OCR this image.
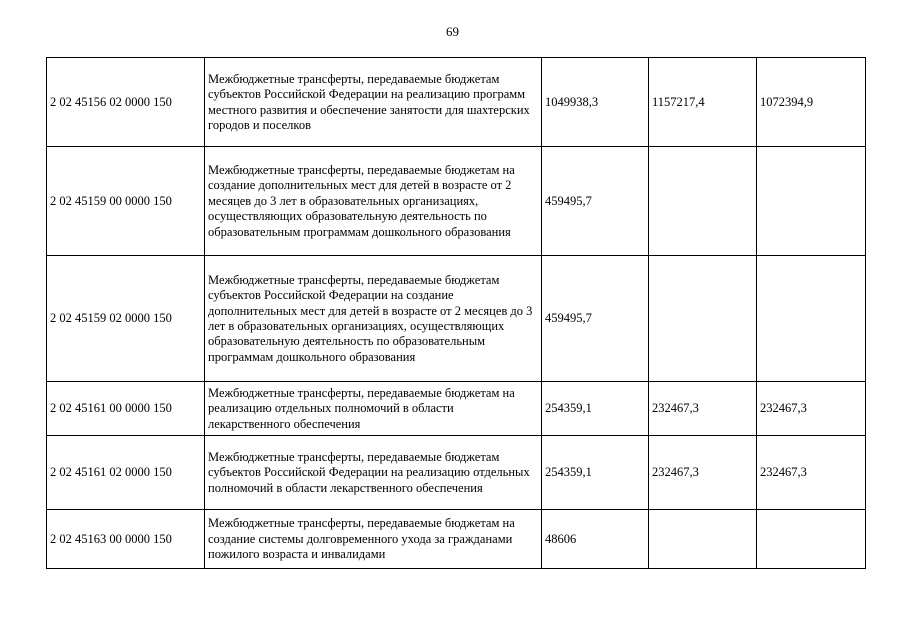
69
2 02 45156 02 0000 150	Межбюджетные трансферты, передаваемые бюджетам субъектов Российской Федерации на реализацию программ местного развития и обеспечение занятости для шахтерских городов и поселков	1049938,3	1157217,4	1072394,9
2 02 45159 00 0000 150	Межбюджетные трансферты, передаваемые бюджетам на создание дополнительных мест для детей в возрасте от 2 месяцев до 3 лет в образовательных организациях, осуществляющих образовательную деятельность по образовательным программам дошкольного образования	459495,7		
2 02 45159 02 0000 150	Межбюджетные трансферты, передаваемые бюджетам субъектов Российской Федерации на создание дополнительных мест для детей в возрасте от 2 месяцев до 3 лет в образовательных организациях, осуществляющих образовательную деятельность по образовательным программам дошкольного образования	459495,7		
2 02 45161 00 0000 150	Межбюджетные трансферты, передаваемые бюджетам на реализацию отдельных полномочий в области лекарственного обеспечения	254359,1	232467,3	232467,3
2 02 45161 02 0000 150	Межбюджетные трансферты, передаваемые бюджетам субъектов Российской Федерации на реализацию отдельных полномочий в области лекарственного обеспечения	254359,1	232467,3	232467,3
2 02 45163 00 0000 150	Межбюджетные трансферты, передаваемые бюджетам на создание системы долговременного ухода за гражданами пожилого возраста и инвалидами	48606		
